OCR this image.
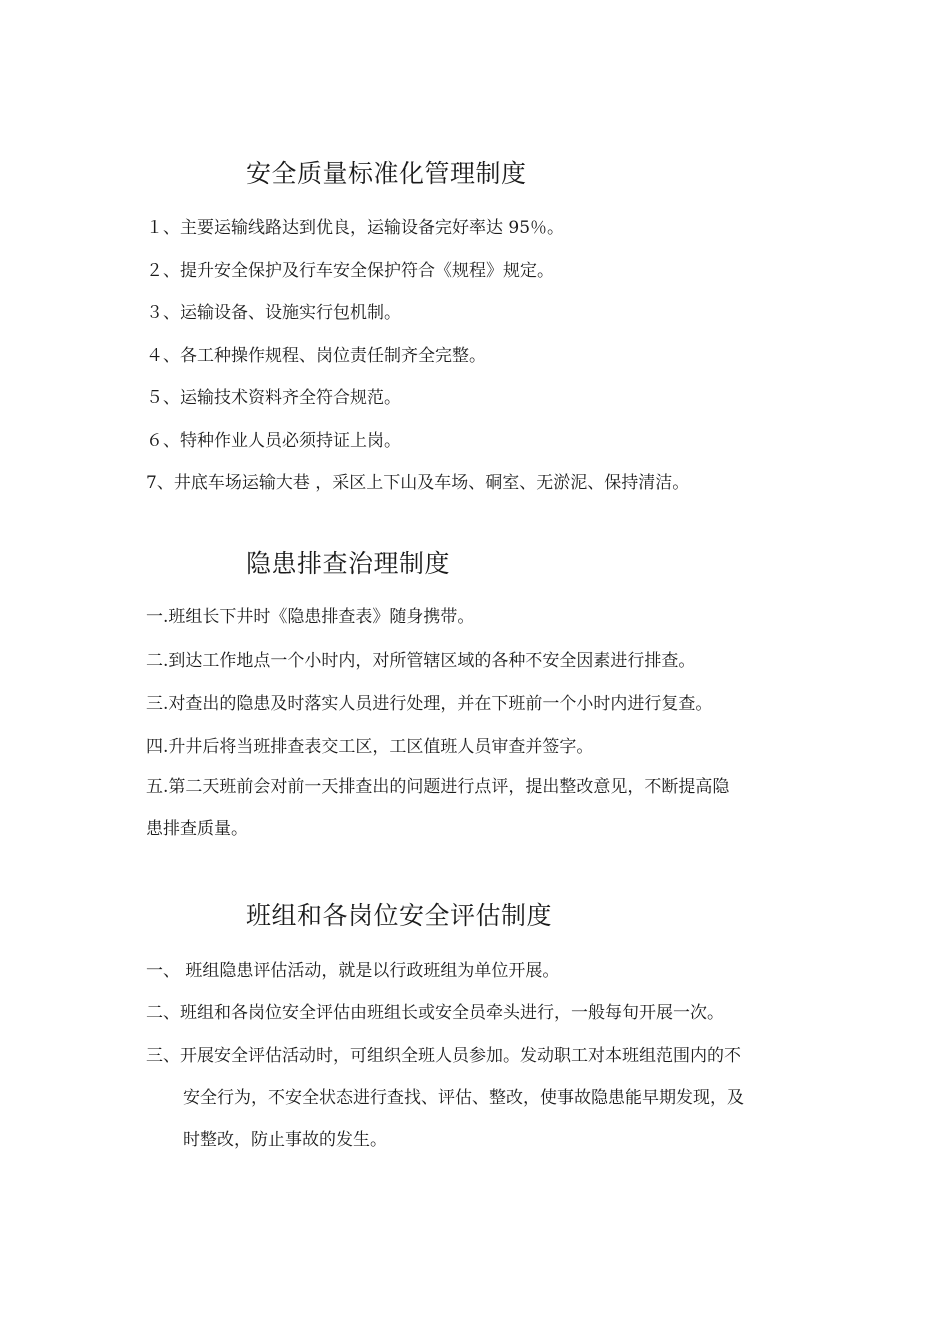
安全质量标准化管理制度
１、主要运输线路达到优良，运输设备完好率达 95％。
２、提升安全保护及行车安全保护符合《规程》规定。
３、运输设备、设施实行包机制。
４、各工种操作规程、岗位责任制齐全完整。
５、运输技术资料齐全符合规范。
６、特种作业人员必须持证上岗。
7、井底车场运输大巷 ，采区上下山及车场、硐室、无淤泥、保持清洁。
隐患排查治理制度
一.班组长下井时《隐患排查表》随身携带。
二.到达工作地点一个小时内，对所管辖区域的各种不安全因素进行排查。
三.对查出的隐患及时落实人员进行处理，并在下班前一个小时内进行复查。
四.升井后将当班排查表交工区，工区值班人员审查并签字。
五.第二天班前会对前一天排查出的问题进行点评，提出整改意见，不断提高隐
患排查质量。
班组和各岗位安全评估制度
一、 班组隐患评估活动，就是以行政班组为单位开展。
二、班组和各岗位安全评估由班组长或安全员牵头进行，一般每旬开展一次。
三、开展安全评估活动时，可组织全班人员参加。发动职工对本班组范围内的不
安全行为，不安全状态进行查找、评估、整改，使事故隐患能早期发现，及
时整改，防止事故的发生。
